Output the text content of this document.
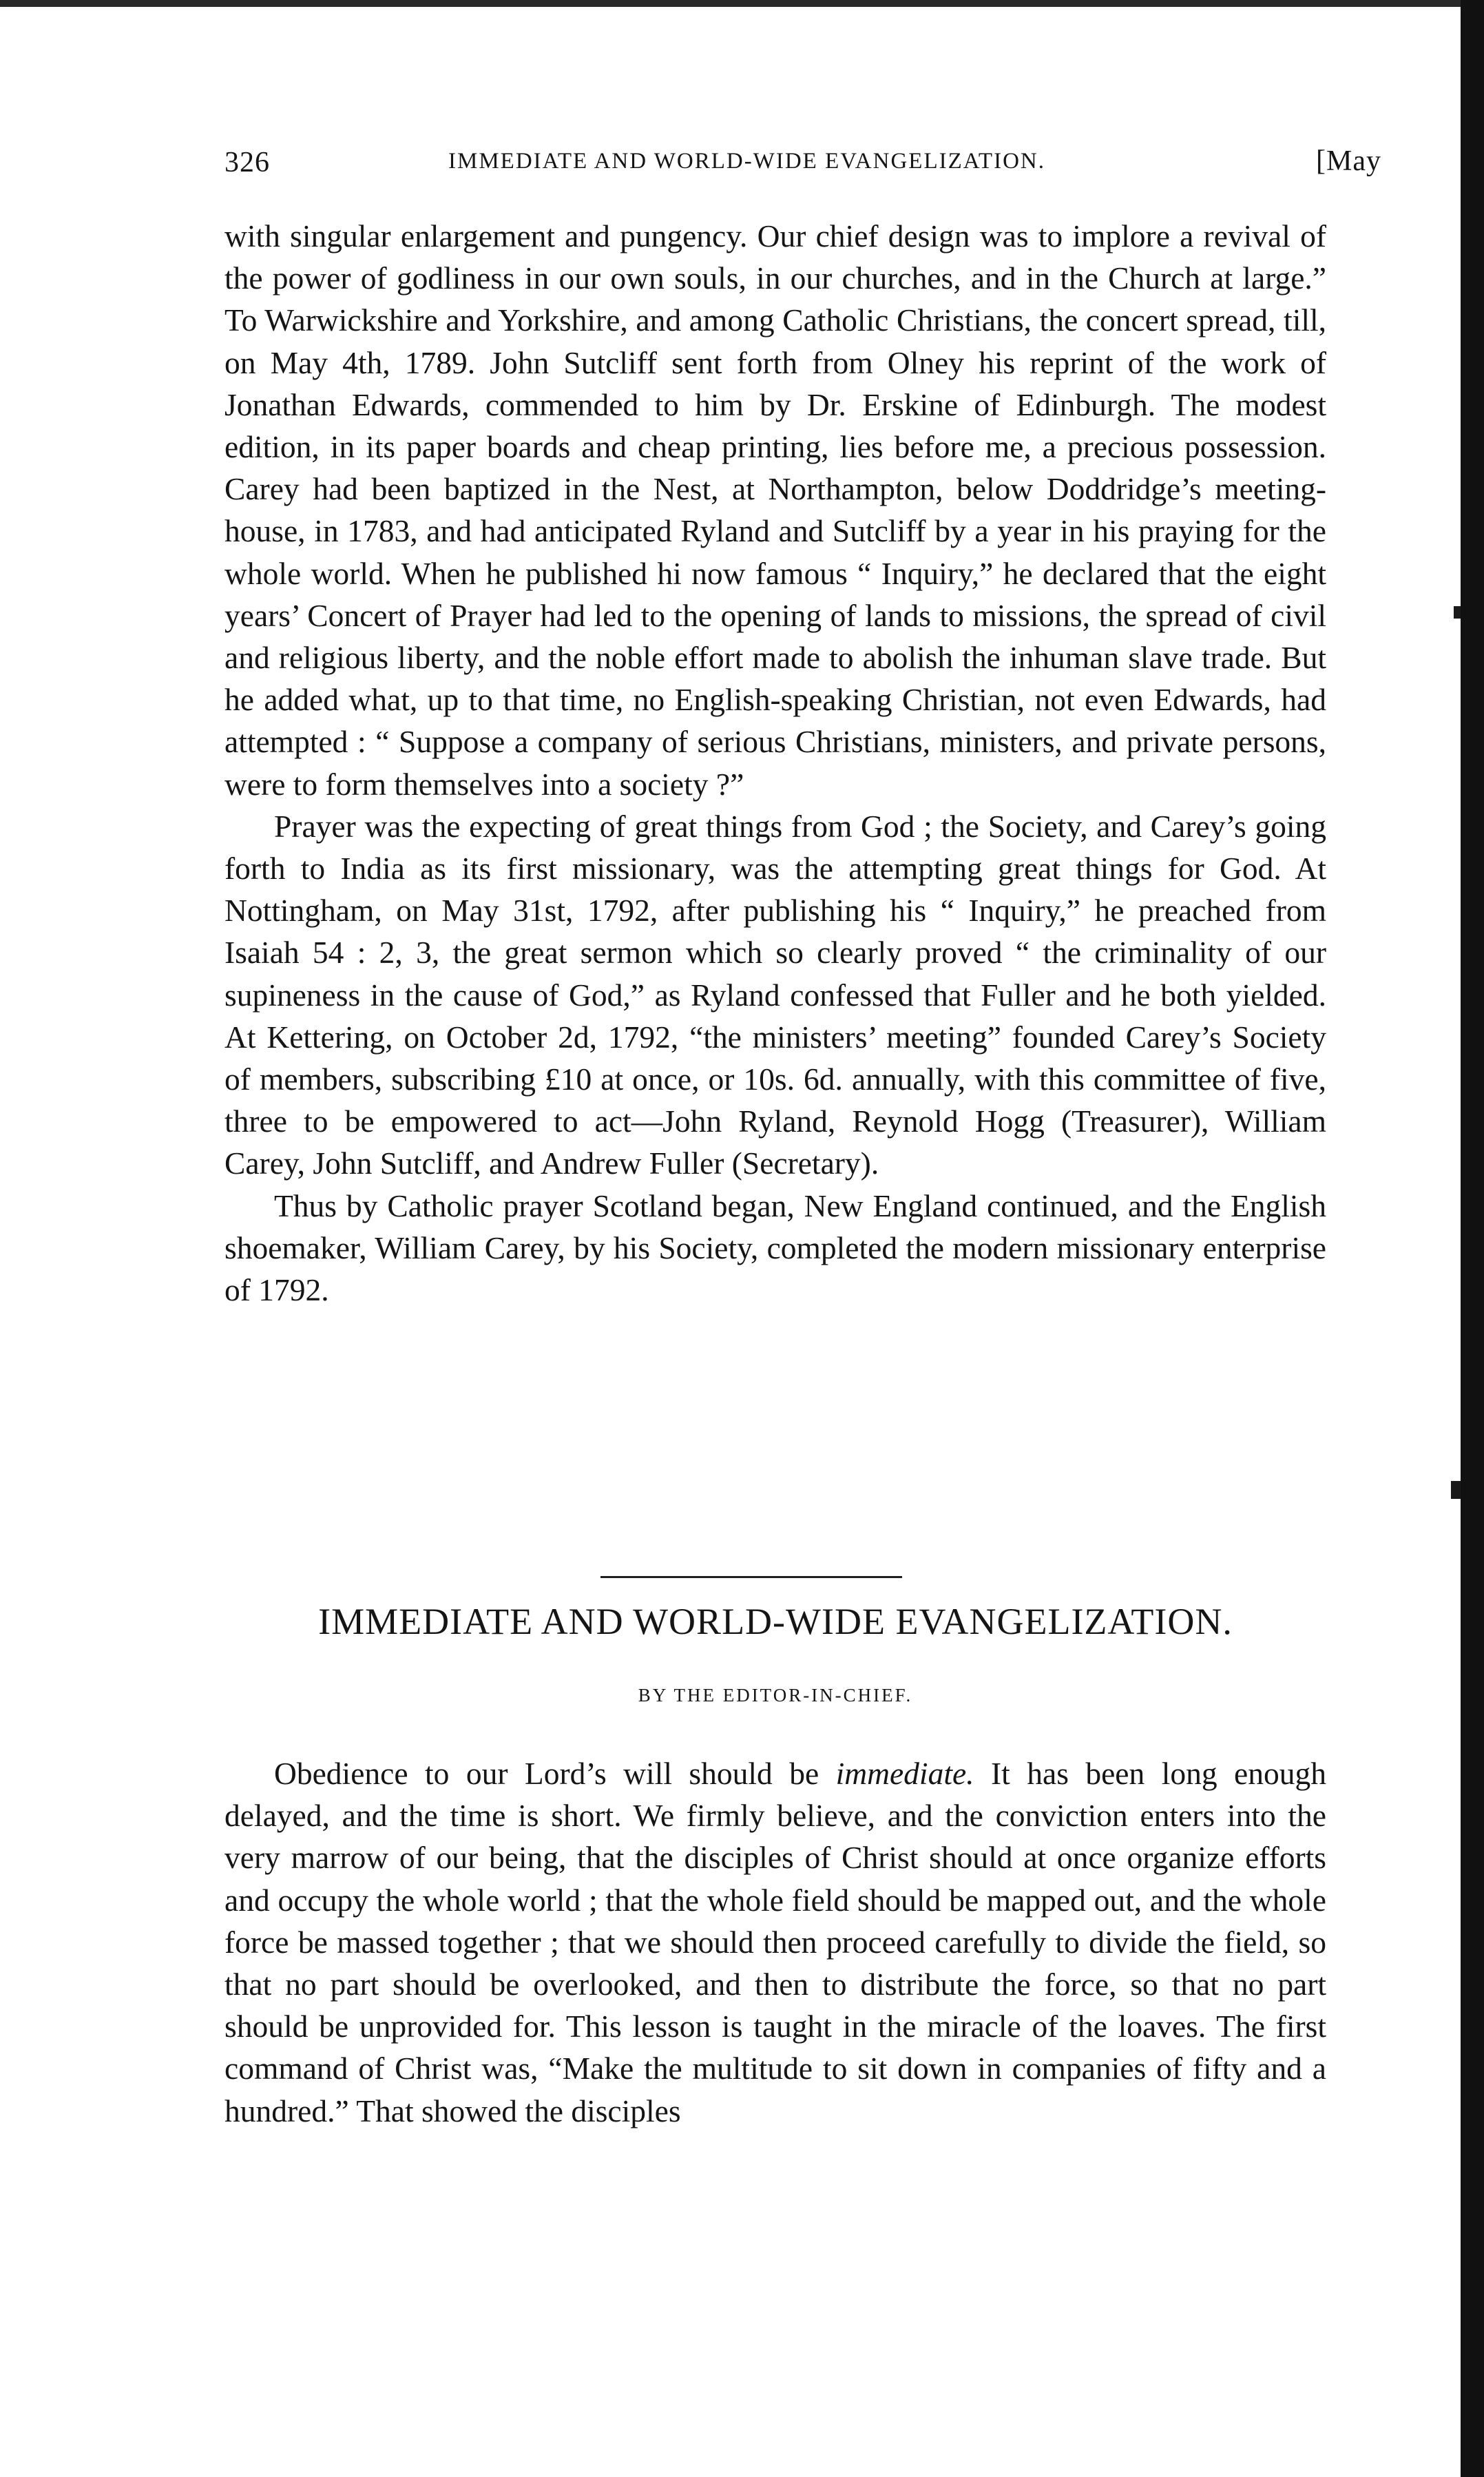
326	IMMEDIATE AND WORLD-WIDE EVANGELIZATION.	[May

with singular enlargement and pungency. Our chief design was to implore a revival of the power of godliness in our own souls, in our churches, and in the Church at large.” To Warwickshire and Yorkshire, and among Catholic Christians, the concert spread, till, on May 4th, 1789. John Sutcliff sent forth from Olney his reprint of the work of Jonathan Edwards, commended to him by Dr. Erskine of Edinburgh. The modest edition, in its paper boards and cheap printing, lies before me, a precious possession. Carey had been baptized in the Nest, at Northampton, below Doddridge’s meeting-house, in 1783, and had anticipated Ryland and Sutcliff by a year in his praying for the whole world. When he published hi now famous “ Inquiry,” he declared that the eight years’ Concert of Prayer had led to the opening of lands to missions, the spread of civil and religious liberty, and the noble effort made to abolish the inhuman slave trade. But he added what, up to that time, no English-speaking Christian, not even Edwards, had attempted : “ Suppose a company of serious Christians, ministers, and private persons, were to form themselves into a society ?”

Prayer was the expecting of great things from God ; the Society, and Carey’s going forth to India as its first missionary, was the attempting great things for God. At Nottingham, on May 31st, 1792, after publishing his “ Inquiry,” he preached from Isaiah 54 : 2, 3, the great sermon which so clearly proved “ the criminality of our supineness in the cause of God,” as Ryland confessed that Fuller and he both yielded. At Kettering, on October 2d, 1792, “the ministers’ meeting” founded Carey’s Society of members, subscribing £10 at once, or 10s. 6d. annually, with this committee of five, three to be empowered to act—John Ryland, Reynold Hogg (Treasurer), William Carey, John Sutcliff, and Andrew Fuller (Secretary).

Thus by Catholic prayer Scotland began, New England continued, and the English shoemaker, William Carey, by his Society, completed the modern missionary enterprise of 1792.

IMMEDIATE AND WORLD-WIDE EVANGELIZATION.
BY THE EDITOR-IN-CHIEF.

Obedience to our Lord’s will should be immediate. It has been long enough delayed, and the time is short. We firmly believe, and the conviction enters into the very marrow of our being, that the disciples of Christ should at once organize efforts and occupy the whole world ; that the whole field should be mapped out, and the whole force be massed together ; that we should then proceed carefully to divide the field, so that no part should be overlooked, and then to distribute the force, so that no part should be unprovided for. This lesson is taught in the miracle of the loaves. The first command of Christ was, “Make the multitude to sit down in companies of fifty and a hundred.” That showed the disciples
